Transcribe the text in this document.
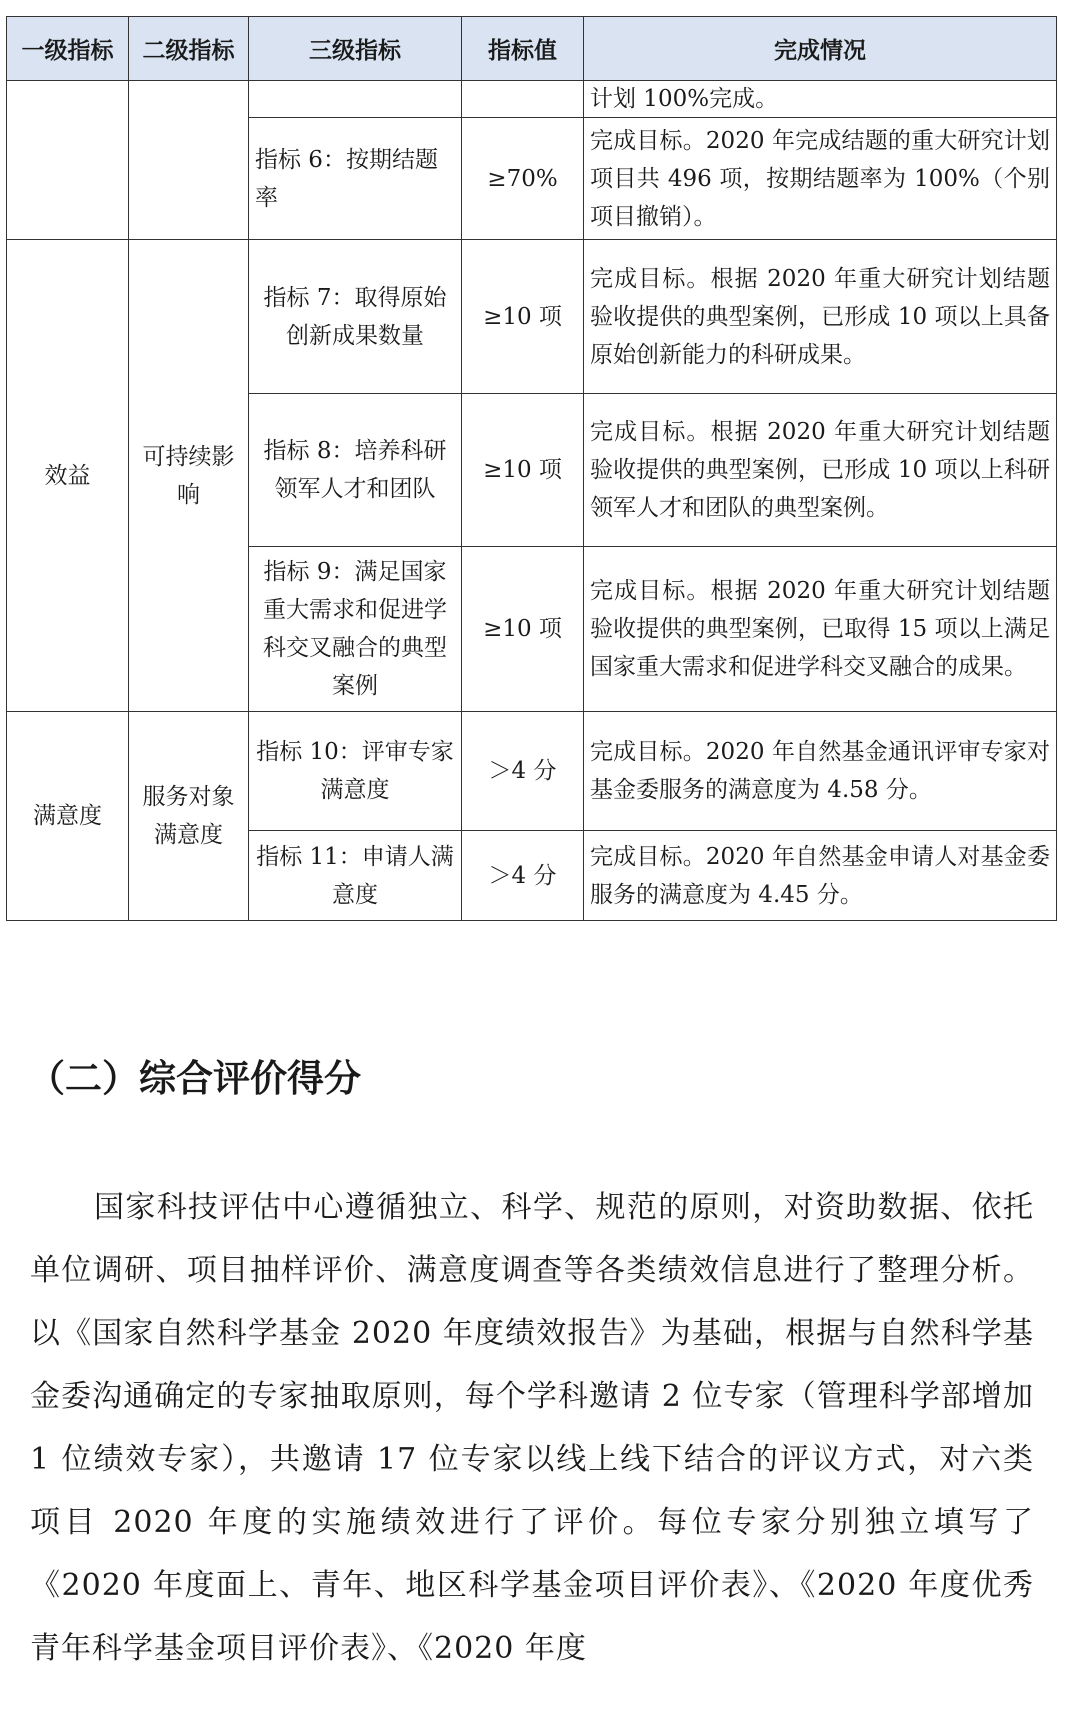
一级指标	二级指标	三级指标	指标值	完成情况
				计划 100%完成。
		指标 6：按期结题率	≥70%	完成目标。2020 年完成结题的重大研究计划项目共 496 项，按期结题率为 100%（个别项目撤销）。
效益	可持续影响	指标 7：取得原始创新成果数量	≥10 项	完成目标。根据 2020 年重大研究计划结题验收提供的典型案例，已形成 10 项以上具备原始创新能力的科研成果。
		指标 8：培养科研领军人才和团队	≥10 项	完成目标。根据 2020 年重大研究计划结题验收提供的典型案例，已形成 10 项以上科研领军人才和团队的典型案例。
		指标 9：满足国家重大需求和促进学科交叉融合的典型案例	≥10 项	完成目标。根据 2020 年重大研究计划结题验收提供的典型案例，已取得 15 项以上满足国家重大需求和促进学科交叉融合的成果。
满意度	服务对象满意度	指标 10：评审专家满意度	＞4 分	完成目标。2020 年自然基金通讯评审专家对基金委服务的满意度为 4.58 分。
		指标 11：申请人满意度	＞4 分	完成目标。2020 年自然基金申请人对基金委服务的满意度为 4.45 分。
（二）综合评价得分

国家科技评估中心遵循独立、科学、规范的原则，对资助数据、依托单位调研、项目抽样评价、满意度调查等各类绩效信息进行了整理分析。以《国家自然科学基金 2020 年度绩效报告》为基础，根据与自然科学基金委沟通确定的专家抽取原则，每个学科邀请 2 位专家（管理科学部增加 1 位绩效专家），共邀请 17 位专家以线上线下结合的评议方式，对六类项目 2020 年度的实施绩效进行了评价。每位专家分别独立填写了《2020 年度面上、青年、地区科学基金项目评价表》、《2020 年度优秀青年科学基金项目评价表》、《2020 年度
